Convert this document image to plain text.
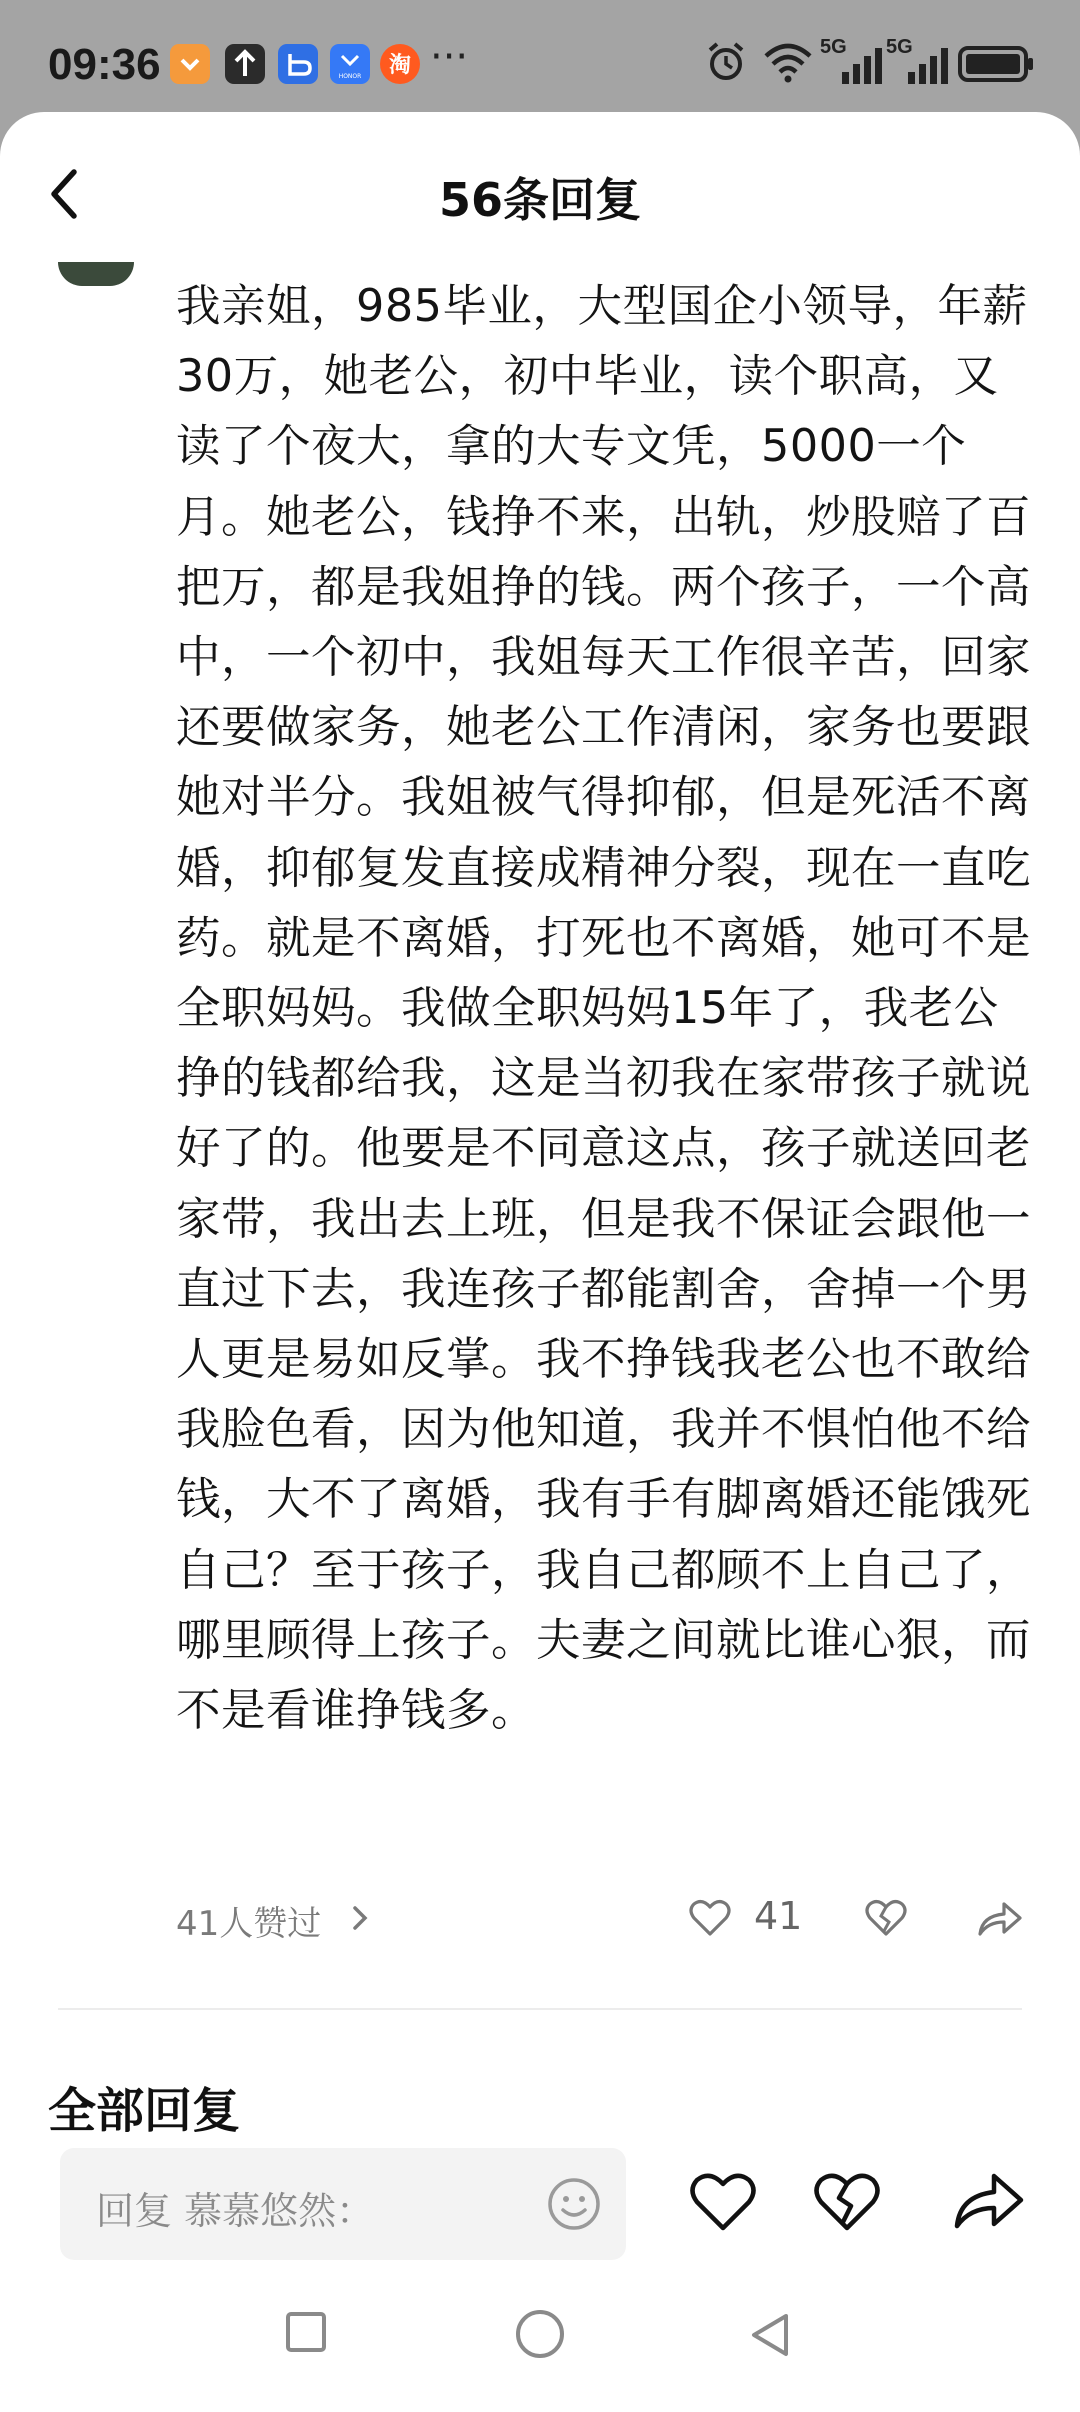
09:36	HONOR 淘 ···	5G 5G
56条回复
我亲姐，985毕业，大型国企小领导，年薪30万，她老公，初中毕业，读个职高，又读了个夜大，拿的大专文凭，5000一个月。她老公，钱挣不来，出轨，炒股赔了百把万，都是我姐挣的钱。两个孩子，一个高中，一个初中，我姐每天工作很辛苦，回家还要做家务，她老公工作清闲，家务也要跟她对半分。我姐被气得抑郁，但是死活不离婚，抑郁复发直接成精神分裂，现在一直吃药。就是不离婚，打死也不离婚，她可不是全职妈妈。我做全职妈妈15年了，我老公挣的钱都给我，这是当初我在家带孩子就说好了的。他要是不同意这点，孩子就送回老家带，我出去上班，但是我不保证会跟他一直过下去，我连孩子都能割舍，舍掉一个男人更是易如反掌。我不挣钱我老公也不敢给我脸色看，因为他知道，我并不惧怕他不给钱，大不了离婚，我有手有脚离婚还能饿死自己？至于孩子，我自己都顾不上自己了，哪里顾得上孩子。夫妻之间就比谁心狠，而不是看谁挣钱多。
41人赞过	41
全部回复
回复 慕慕悠然：
